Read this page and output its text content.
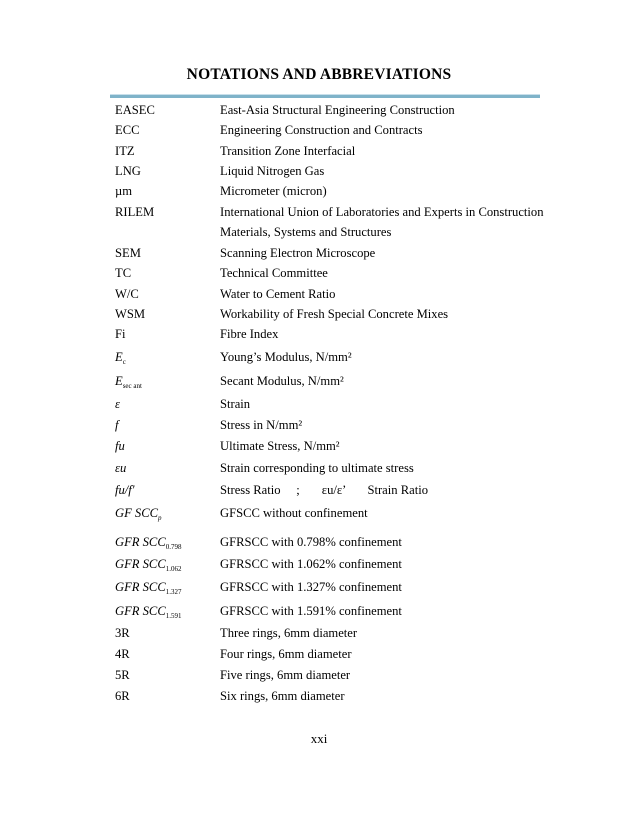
NOTATIONS AND ABBREVIATIONS
EASEC	East-Asia Structural Engineering Construction
ECC	Engineering Construction and Contracts
ITZ	Transition Zone Interfacial
LNG	Liquid Nitrogen Gas
µm	Micrometer (micron)
RILEM	International Union of Laboratories and Experts in Construction
Materials, Systems and Structures
SEM	Scanning Electron Microscope
TC	Technical Committee
W/C	Water to Cement Ratio
WSM	Workability of Fresh Special Concrete Mixes
Fi	Fibre Index
$E_c$	Young’s Modulus, N/mm²
$E_{sec ant}$	Secant Modulus, N/mm²
ε	Strain
f	Stress in N/mm²
fu	Ultimate Stress, N/mm²
εu	Strain corresponding to ultimate stress
fu/f'	Stress Ratio     ;       εu/ε’       Strain Ratio
GF $SCC_p$	GFSCC without confinement
GFR $SCC_{0.798}$	GFRSCC with 0.798% confinement
GFR $SCC_{1.062}$	GFRSCC with 1.062% confinement
GFR $SCC_{1.327}$	GFRSCC with 1.327% confinement
GFR $SCC_{1.591}$	GFRSCC with 1.591% confinement
3R	Three rings, 6mm diameter
4R	Four rings, 6mm diameter
5R	Five rings, 6mm diameter
6R	Six rings, 6mm diameter
xxi
